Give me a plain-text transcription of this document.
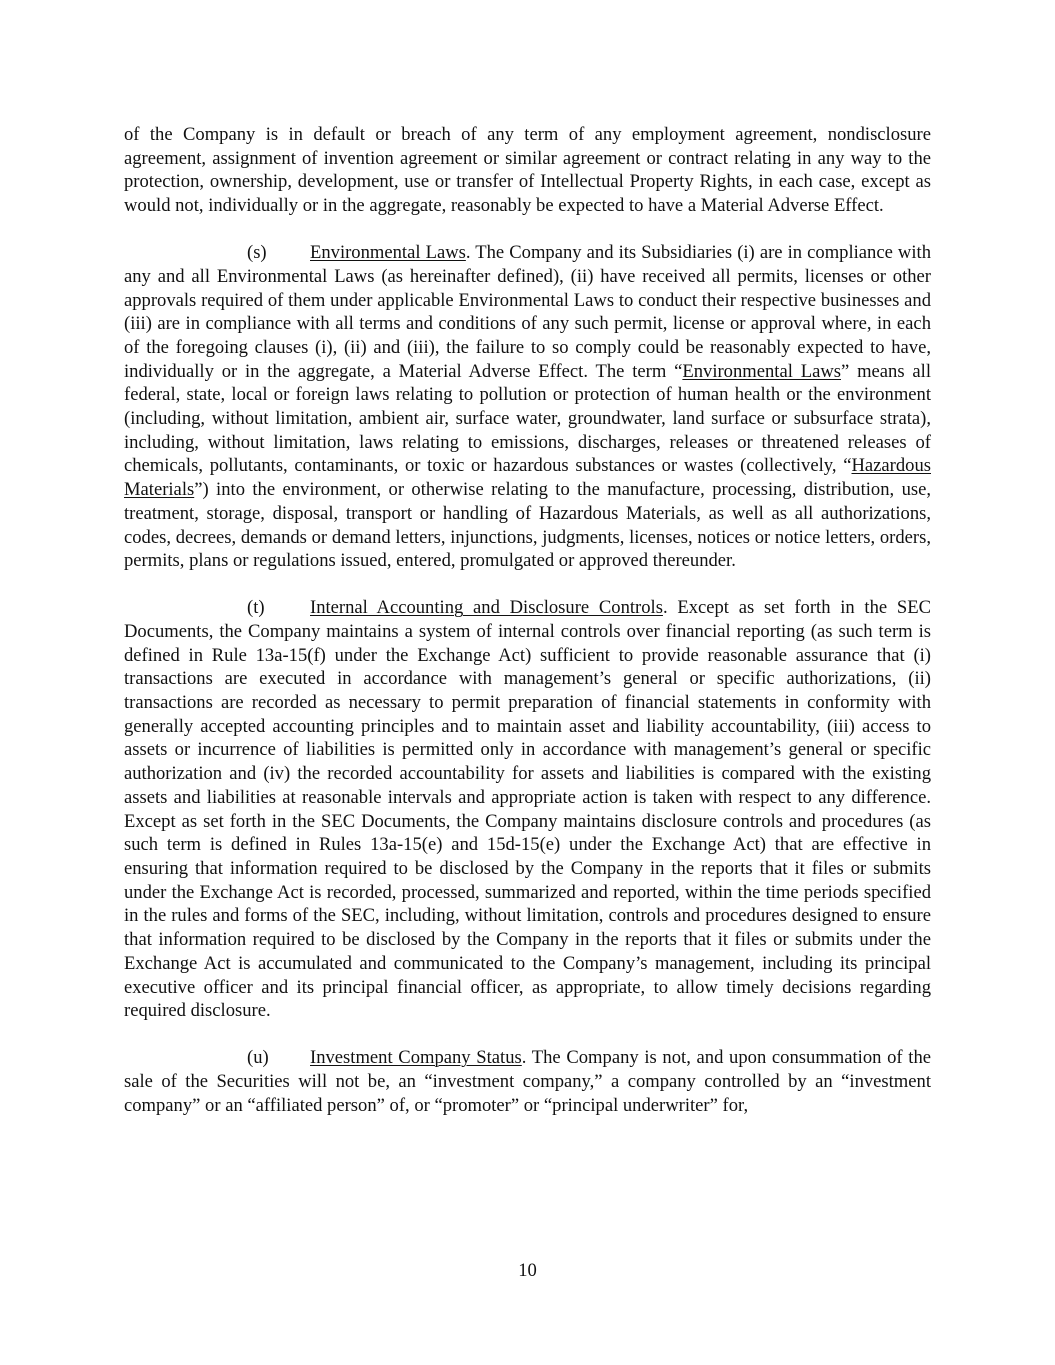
of the Company is in default or breach of any term of any employment agreement, nondisclosure agreement, assignment of invention agreement or similar agreement or contract relating in any way to the protection, ownership, development, use or transfer of Intellectual Property Rights, in each case, except as would not, individually or in the aggregate, reasonably be expected to have a Material Adverse Effect.

(s) Environmental Laws. The Company and its Subsidiaries (i) are in compliance with any and all Environmental Laws (as hereinafter defined), (ii) have received all permits, licenses or other approvals required of them under applicable Environmental Laws to conduct their respective businesses and (iii) are in compliance with all terms and conditions of any such permit, license or approval where, in each of the foregoing clauses (i), (ii) and (iii), the failure to so comply could be reasonably expected to have, individually or in the aggregate, a Material Adverse Effect. The term “Environmental Laws” means all federal, state, local or foreign laws relating to pollution or protection of human health or the environment (including, without limitation, ambient air, surface water, groundwater, land surface or subsurface strata), including, without limitation, laws relating to emissions, discharges, releases or threatened releases of chemicals, pollutants, contaminants, or toxic or hazardous substances or wastes (collectively, “Hazardous Materials”) into the environment, or otherwise relating to the manufacture, processing, distribution, use, treatment, storage, disposal, transport or handling of Hazardous Materials, as well as all authorizations, codes, decrees, demands or demand letters, injunctions, judgments, licenses, notices or notice letters, orders, permits, plans or regulations issued, entered, promulgated or approved thereunder.

(t) Internal Accounting and Disclosure Controls. Except as set forth in the SEC Documents, the Company maintains a system of internal controls over financial reporting (as such term is defined in Rule 13a-15(f) under the Exchange Act) sufficient to provide reasonable assurance that (i) transactions are executed in accordance with management’s general or specific authorizations, (ii) transactions are recorded as necessary to permit preparation of financial statements in conformity with generally accepted accounting principles and to maintain asset and liability accountability, (iii) access to assets or incurrence of liabilities is permitted only in accordance with management’s general or specific authorization and (iv) the recorded accountability for assets and liabilities is compared with the existing assets and liabilities at reasonable intervals and appropriate action is taken with respect to any difference. Except as set forth in the SEC Documents, the Company maintains disclosure controls and procedures (as such term is defined in Rules 13a-15(e) and 15d-15(e) under the Exchange Act) that are effective in ensuring that information required to be disclosed by the Company in the reports that it files or submits under the Exchange Act is recorded, processed, summarized and reported, within the time periods specified in the rules and forms of the SEC, including, without limitation, controls and procedures designed to ensure that information required to be disclosed by the Company in the reports that it files or submits under the Exchange Act is accumulated and communicated to the Company’s management, including its principal executive officer and its principal financial officer, as appropriate, to allow timely decisions regarding required disclosure.

(u) Investment Company Status. The Company is not, and upon consummation of the sale of the Securities will not be, an “investment company,” a company controlled by an “investment company” or an “affiliated person” of, or “promoter” or “principal underwriter” for,

10
